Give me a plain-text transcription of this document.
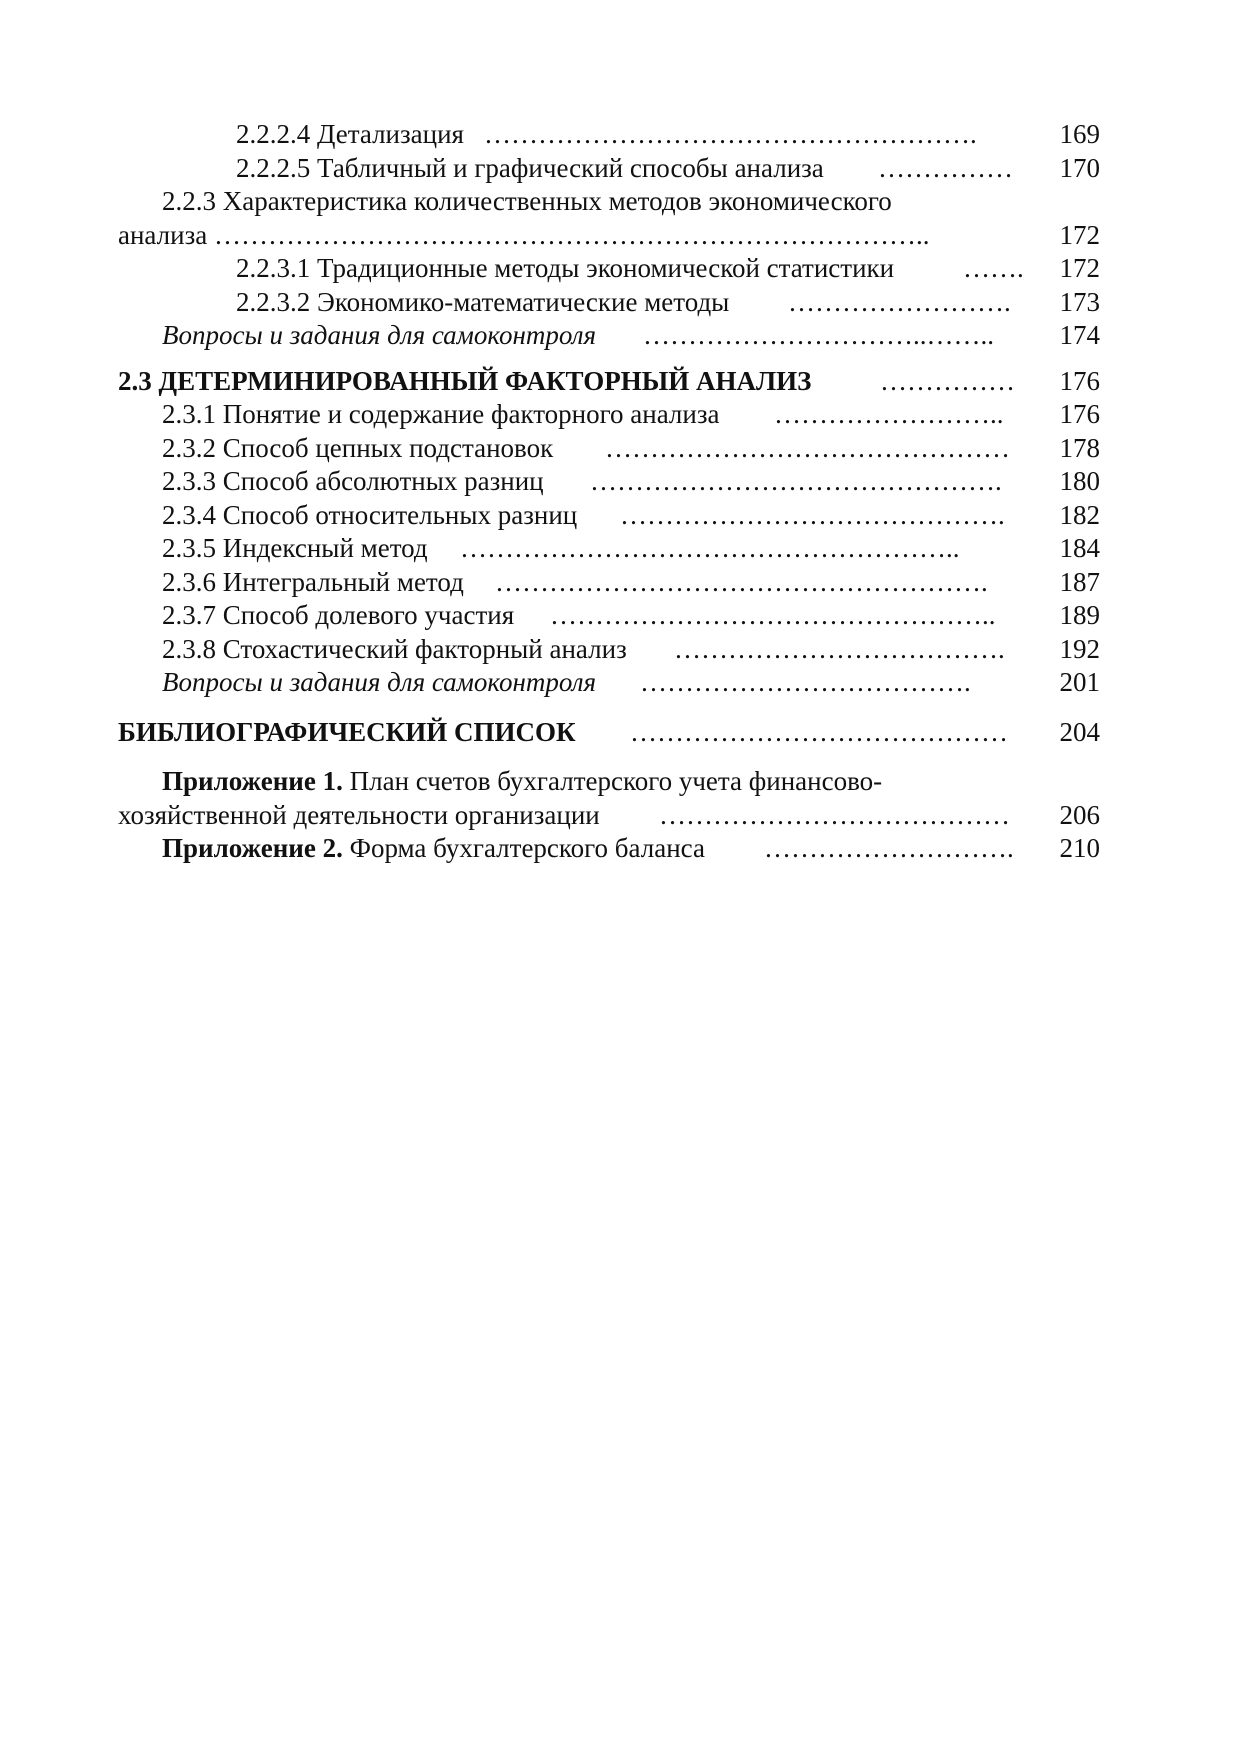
2.2.2.4 Детализация ……………………………………………….	169
2.2.2.5 Табличный и графический способы анализа …………… 170
2.2.3 Характеристика количественных методов экономического
анализа ……………………………………………………………………..	172
2.2.3.1 Традиционные методы экономической статистики	……. 172
2.2.3.2 Экономико-математические методы ……………………. 173
Вопросы и задания для самоконтроля …………………………..…….. 174
2.3 ДЕТЕРМИНИРОВАННЫЙ ФАКТОРНЫЙ АНАЛИЗ	…………… 176
2.3.1 Понятие и содержание факторного анализа …………………….. 176
2.3.2 Способ цепных подстановок ……………………………………… 178
2.3.3 Способ абсолютных разниц ………………………………………. 180
2.3.4 Способ относительных разниц ……………………………………. 182
2.3.5 Индексный метод ………………………………………………..	184
2.3.6 Интегральный метод ……………………………………………….	187
2.3.7 Способ долевого участия ………………………………………….. 189
2.3.8 Стохастический факторный анализ ………………………………. 192
Вопросы и задания для самоконтроля ……………………………….	201
БИБЛИОГРАФИЧЕСКИЙ СПИСОК …………………………………… 204
Приложение 1. План счетов бухгалтерского учета финансово-
хозяйственной деятельности организации ………………………………… 206
Приложение 2. Форма бухгалтерского баланса ………………………. 210
